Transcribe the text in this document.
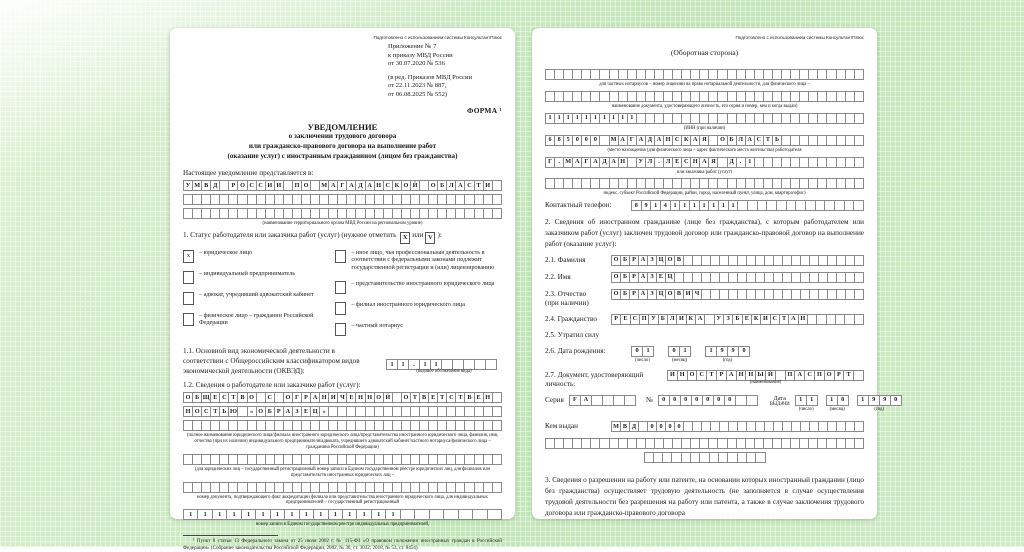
Подготовлено с использованием системы КонсультантПлюс
Приложение № 7
к приказу МВД России
от 30.07.2020 № 536
(в ред. Приказов МВД России
от 22.11.2023 № 887,
от 06.08.2025 № 552)
ФОРМА ¹
УВЕДОМЛЕНИЕ
о заключении трудового договора
или гражданско-правового договора на выполнение работ
(оказание услуг) с иностранным гражданином (лицом без гражданства)
Настоящее уведомление представляется в:
У М В Д	Р О С С И И	П О	М А Г А Д А Н С К О Й	О Б Л А С Т И
(наименование территориального органа МВД России на региональном уровне)
1. Статус работодателя или заказчика работ (услуг) (нужное отметить X или V ):
x	– юридическое лицо
– индивидуальный предприниматель
– адвокат, учредивший адвокатский кабинет
– физическое лицо – гражданин Российской Федерации
– иное лицо, чья профессиональная деятельность в соответствии с федеральными законами подлежит государственной регистрации и (или) лицензированию
– представительство иностранного юридического лица
– филиал иностранного юридического лица
– частный нотариус
1.1. Основной вид экономической деятельности в соответствии с Общероссийским классификатором видов экономической деятельности (ОКВЭД):
1	1	.	1	1
(кодовое обозначение вида)
1.2. Сведения о работодателе или заказчике работ (услуг):
О Б Щ Е С Т В О	С	О Г Р А Н И Ч Е Н Н О Й	О Т В Е Т С Т В Е Н
Н О С Т Ь Ю	« О Б Р А З Е Ц »
(полное наименование юридического лица/филиала иностранного юридического лица/представительства иностранного юридического лица, фамилия, имя, отчество (при их наличии) индивидуального предпринимателя/адвоката, учредившего адвокатский кабинет/частного нотариуса/физического лица – гражданина Российской Федерации)
(для юридических лиц – государственный регистрационный номер записи в Едином государственном реестре юридических лиц, для филиалов или представительств иностранных юридических лиц –
номер документа, подтверждающего факт аккредитации филиала или представительства иностранного юридического лица, для индивидуальных предпринимателей – государственный регистрационный
1	1	1	1	1	1	1	1	1	1	1	1	1	1	1
номер записи в Едином государственном реестре индивидуальных предпринимателей,
¹ Пункт 8 статьи 13 Федерального закона от 25 июля 2002 г. № 115-ФЗ «О правовом положении иностранных граждан в Российской Федерации» (Собрание законодательства Российской Федерации, 2002, № 30, ст. 3032; 2018, № 53, ст. 8454).
Подготовлено с использованием системы КонсультантПлюс
(Оборотная сторона)
для частных нотариусов – номер лицензии на право нотариальной деятельности, для физического лица –
наименование документа, удостоверяющего личность, его серия и номер, кем и когда выдан)
1 1 1 1 1 1 1 1 1 1
(ИНН (при наличии)
6 8 5 0 0 0	М А Г А Д А Н С К А Я	О Б Л А С Т Ь
(место нахождения (для физического лица – адрес фактического места жительства) работодателя
Г	. М А Г А Д А Н	У Л . Л Е С Н А Я	Д .	1
или заказчика работ (услуг)
индекс, субъект Российской Федерации, район, город, населенный пункт, улица, дом, квартира/офис)
Контактный телефон:	8	9	1	4	1	1	1	1	1	1	1
2. Сведения об иностранном гражданине (лице без гражданства), с которым работодателем или заказчиком работ (услуг) заключен трудовой договор или гражданско-правовой договор на выполнение работ (оказание услуг):
2.1. Фамилия	О Б Р А З Ц О В
2.2. Имя	О Б Р А З Е Ц
2.3. Отчество
(при наличии)
О Б Р А З Ц О В И Ч
2.4. Гражданство	Р Е С П У Б Л И К А	У З Б Е К И С Т А Н
2.5. Утратил силу
2.6. Дата рождения:	0	1
(число)
0	1
(месяц)
1	9	9	0
(год)
2.7. Документ, удостоверяющий
личность:
И Н О С Т Р А Н Н Ы Й	П А С П О Р Т
(наименование)
Серия	F	A	№	0	0	0	0	0	0	0	Дата
ВЫДАЧИ
1	1
(число)
1	0
(месяц)
1	9	9	0
(год)
Кем выдан	М В Д	0 0 0 0
3. Сведения о разрешении на работу или патенте, на основании которых иностранный гражданин (лицо без гражданства) осуществляет трудовую деятельность (не заполняется в случае осуществления трудовой деятельности без разрешения на работу или патента, а также в случае заключения трудового договора или гражданско-правового договора
